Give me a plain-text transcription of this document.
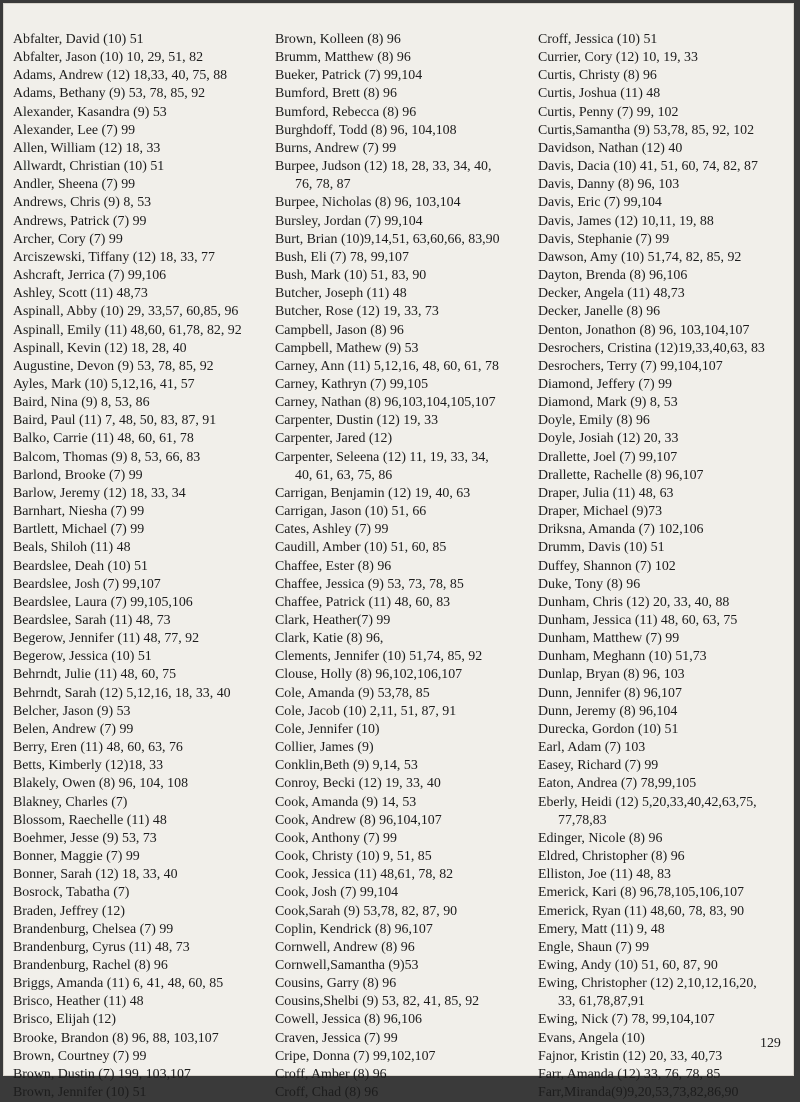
Abfalter, David (10) 51
Abfalter, Jason (10) 10, 29, 51, 82
Adams, Andrew (12) 18,33, 40, 75, 88
Adams, Bethany (9) 53, 78, 85, 92
Alexander, Kasandra (9) 53
Alexander, Lee (7) 99
Allen, William (12) 18, 33
Allwardt, Christian (10) 51
Andler, Sheena (7) 99
Andrews, Chris (9) 8, 53
Andrews, Patrick (7) 99
Archer, Cory (7) 99
Arciszewski, Tiffany (12) 18, 33, 77
Ashcraft, Jerrica (7) 99,106
Ashley, Scott (11) 48,73
Aspinall, Abby (10) 29, 33,57, 60,85, 96
Aspinall, Emily (11) 48,60, 61,78, 82, 92
Aspinall, Kevin (12) 18, 28, 40
Augustine, Devon (9) 53, 78, 85, 92
Ayles, Mark (10) 5,12,16, 41, 57
Baird, Nina (9) 8, 53, 86
Baird, Paul (11) 7, 48, 50, 83, 87, 91
Balko, Carrie (11) 48, 60, 61, 78
Balcom, Thomas (9) 8, 53, 66, 83
Barlond, Brooke (7) 99
Barlow, Jeremy (12) 18, 33, 34
Barnhart, Niesha (7) 99
Bartlett, Michael (7) 99
Beals, Shiloh (11) 48
Beardslee, Deah (10) 51
Beardslee, Josh (7) 99,107
Beardslee, Laura (7) 99,105,106
Beardslee, Sarah (11) 48, 73
Begerow, Jennifer (11) 48, 77, 92
Begerow, Jessica (10) 51
Behrndt, Julie (11) 48, 60, 75
Behrndt, Sarah (12) 5,12,16, 18, 33, 40
Belcher, Jason (9) 53
Belen, Andrew (7) 99
Berry, Eren (11) 48, 60, 63, 76
Betts, Kimberly (12)18, 33
Blakely, Owen (8) 96, 104, 108
Blakney, Charles (7)
Blossom, Raechelle (11) 48
Boehmer, Jesse (9) 53, 73
Bonner, Maggie (7) 99
Bonner, Sarah (12) 18, 33, 40
Bosrock, Tabatha (7)
Braden, Jeffrey (12)
Brandenburg, Chelsea (7) 99
Brandenburg, Cyrus (11) 48, 73
Brandenburg, Rachel (8) 96
Briggs, Amanda (11) 6, 41, 48, 60, 85
Brisco, Heather (11) 48
Brisco, Elijah (12)
Brooke, Brandon (8) 96, 88, 103,107
Brown, Courtney (7) 99
Brown, Dustin (7) 199, 103,107
Brown, Jennifer (10) 51
Brown, Kolleen (8) 96
Brumm, Matthew (8) 96
Bueker, Patrick (7) 99,104
Bumford, Brett (8) 96
Bumford, Rebecca (8) 96
Burghdoff, Todd (8) 96, 104,108
Burns, Andrew (7) 99
Burpee, Judson (12) 18, 28, 33, 34, 40,
76, 78, 87
Burpee, Nicholas (8) 96, 103,104
Bursley, Jordan (7) 99,104
Burt, Brian (10)9,14,51, 63,60,66, 83,90
Bush, Eli (7) 78, 99,107
Bush, Mark (10) 51, 83, 90
Butcher, Joseph (11) 48
Butcher, Rose (12) 19, 33, 73
Campbell, Jason (8) 96
Campbell, Mathew (9) 53
Carney, Ann (11) 5,12,16, 48, 60, 61, 78
Carney, Kathryn (7) 99,105
Carney, Nathan (8) 96,103,104,105,107
Carpenter, Dustin (12) 19, 33
Carpenter, Jared (12)
Carpenter, Seleena (12) 11, 19, 33, 34,
40, 61, 63, 75, 86
Carrigan, Benjamin (12) 19, 40, 63
Carrigan, Jason (10) 51, 66
Cates, Ashley (7) 99
Caudill, Amber (10) 51, 60, 85
Chaffee, Ester (8) 96
Chaffee, Jessica (9) 53, 73, 78, 85
Chaffee, Patrick (11) 48, 60, 83
Clark, Heather(7) 99
Clark, Katie (8) 96,
Clements, Jennifer (10) 51,74, 85, 92
Clouse, Holly (8) 96,102,106,107
Cole, Amanda (9) 53,78, 85
Cole, Jacob (10) 2,11, 51, 87, 91
Cole, Jennifer (10)
Collier, James (9)
Conklin,Beth (9) 9,14, 53
Conroy, Becki (12) 19, 33, 40
Cook, Amanda (9) 14, 53
Cook, Andrew (8) 96,104,107
Cook, Anthony (7) 99
Cook, Christy (10) 9, 51, 85
Cook, Jessica (11) 48,61, 78, 82
Cook, Josh (7) 99,104
Cook,Sarah (9) 53,78, 82, 87, 90
Coplin, Kendrick (8) 96,107
Cornwell, Andrew (8) 96
Cornwell,Samantha (9)53
Cousins, Garry (8) 96
Cousins,Shelbi (9) 53, 82, 41, 85, 92
Cowell, Jessica (8) 96,106
Craven, Jessica (7) 99
Cripe, Donna (7) 99,102,107
Croff, Amber (8) 96
Croff, Chad (8) 96
Croff, Jessica (10) 51
Currier, Cory (12) 10, 19, 33
Curtis, Christy (8) 96
Curtis, Joshua (11) 48
Curtis, Penny (7) 99, 102
Curtis,Samantha (9) 53,78, 85, 92, 102
Davidson, Nathan (12) 40
Davis, Dacia (10) 41, 51, 60, 74, 82, 87
Davis, Danny (8) 96, 103
Davis, Eric (7) 99,104
Davis, James (12) 10,11, 19, 88
Davis, Stephanie (7) 99
Dawson, Amy (10) 51,74, 82, 85, 92
Dayton, Brenda (8) 96,106
Decker, Angela (11) 48,73
Decker, Janelle (8) 96
Denton, Jonathon (8) 96, 103,104,107
Desrochers, Cristina (12)19,33,40,63, 83
Desrochers, Terry (7) 99,104,107
Diamond, Jeffery (7) 99
Diamond, Mark (9) 8, 53
Doyle, Emily (8) 96
Doyle, Josiah (12) 20, 33
Drallette, Joel (7) 99,107
Drallette, Rachelle (8) 96,107
Draper, Julia (11) 48, 63
Draper, Michael (9)73
Driksna, Amanda (7) 102,106
Drumm, Davis (10) 51
Duffey, Shannon (7) 102
Duke, Tony (8) 96
Dunham, Chris (12) 20, 33, 40, 88
Dunham, Jessica (11) 48, 60, 63, 75
Dunham, Matthew (7) 99
Dunham, Meghann (10) 51,73
Dunlap, Bryan (8) 96, 103
Dunn, Jennifer (8) 96,107
Dunn, Jeremy (8) 96,104
Durecka, Gordon (10) 51
Earl, Adam (7) 103
Easey, Richard (7) 99
Eaton, Andrea (7) 78,99,105
Eberly, Heidi (12) 5,20,33,40,42,63,75,
77,78,83
Edinger, Nicole (8) 96
Eldred, Christopher (8) 96
Elliston, Joe (11) 48, 83
Emerick, Kari (8) 96,78,105,106,107
Emerick, Ryan (11) 48,60, 78, 83, 90
Emery, Matt (11) 9, 48
Engle, Shaun (7) 99
Ewing, Andy (10) 51, 60, 87, 90
Ewing, Christopher (12) 2,10,12,16,20,
33, 61,78,87,91
Ewing, Nick (7) 78, 99,104,107
Evans, Angela (10)
Fajnor, Kristin (12) 20, 33, 40,73
Farr, Amanda (12) 33, 76, 78, 85
Farr,Miranda(9)9,20,53,73,82,86,90
129
